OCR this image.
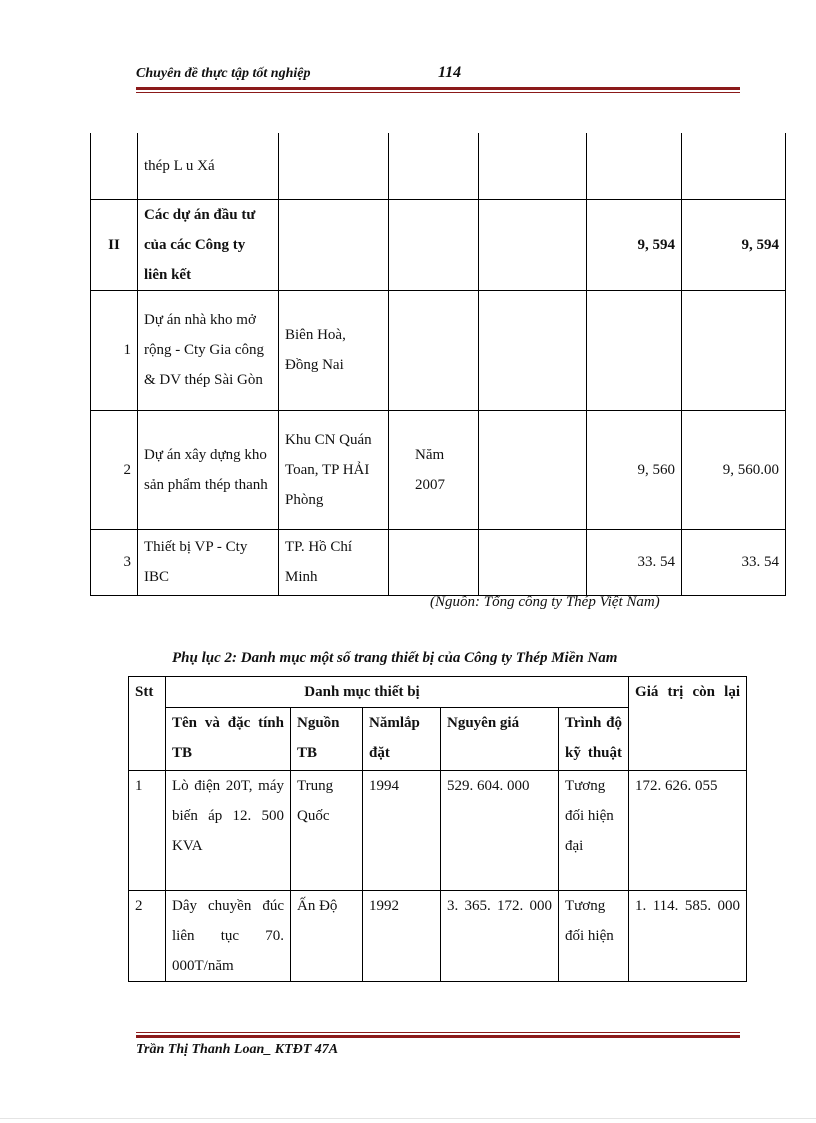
Chuyên đề thực tập tốt nghiệp	114
	thép L u Xá					
II	Các dự án đầu tư của các Công ty liên kết				9, 594	9, 594
1	Dự án nhà kho mở rộng - Cty Gia công & DV thép Sài Gòn	Biên Hoà, Đồng Nai				
2	Dự án xây dựng kho sản phẩm thép thanh	Khu CN Quán Toan, TP HẢI Phòng	Năm 2007		9, 560	9, 560.00
3	Thiết bị VP - Cty IBC	TP. Hồ Chí Minh			33. 54	33. 54
(Nguồn: Tổng công ty Thép Việt Nam)
Phụ lục 2: Danh mục một số trang thiết bị của Công ty Thép Miền Nam
Stt	Danh mục thiết bị					Giá trị còn lại

	Tên và đặc tính TB	Nguồn TB	Nămlắp đặt	Nguyên giá	Trình độ kỹ thuật	

1	Lò điện 20T, máy biến áp 12. 500 KVA	Trung Quốc	1994	529. 604. 000	Tương đối hiện đại	172. 626. 055
2	Dây chuyền đúc liên tục 70. 000T/năm	Ấn Độ	1992	3. 365. 172. 000	Tương đối hiện	1. 114. 585. 000
Trần Thị Thanh Loan_ KTĐT 47A
